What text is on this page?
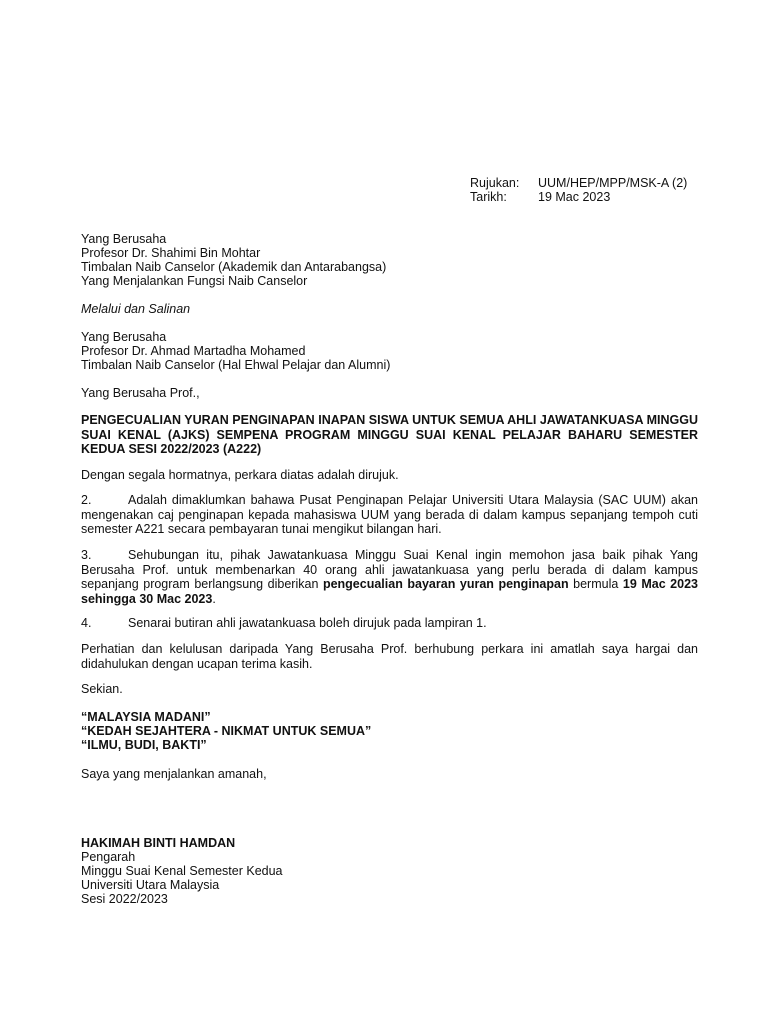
Rujukan: UUM/HEP/MPP/MSK-A (2)
Tarikh: 19 Mac 2023
Yang Berusaha
Profesor Dr. Shahimi Bin Mohtar
Timbalan Naib Canselor (Akademik dan Antarabangsa)
Yang Menjalankan Fungsi Naib Canselor
Melalui dan Salinan
Yang Berusaha
Profesor Dr. Ahmad Martadha Mohamed
Timbalan Naib Canselor (Hal Ehwal Pelajar dan Alumni)
Yang Berusaha Prof.,
PENGECUALIAN YURAN PENGINAPAN INAPAN SISWA UNTUK SEMUA AHLI JAWATANKUASA MINGGU SUAI KENAL (AJKS) SEMPENA PROGRAM MINGGU SUAI KENAL PELAJAR BAHARU SEMESTER KEDUA SESI 2022/2023 (A222)
Dengan segala hormatnya, perkara diatas adalah dirujuk.
2.	Adalah dimaklumkan bahawa Pusat Penginapan Pelajar Universiti Utara Malaysia (SAC UUM) akan mengenakan caj penginapan kepada mahasiswa UUM yang berada di dalam kampus sepanjang tempoh cuti semester A221 secara pembayaran tunai mengikut bilangan hari.
3.	Sehubungan itu, pihak Jawatankuasa Minggu Suai Kenal ingin memohon jasa baik pihak Yang Berusaha Prof. untuk membenarkan 40 orang ahli jawatankuasa yang perlu berada di dalam kampus sepanjang program berlangsung diberikan pengecualian bayaran yuran penginapan bermula 19 Mac 2023 sehingga 30 Mac 2023.
4.	Senarai butiran ahli jawatankuasa boleh dirujuk pada lampiran 1.
Perhatian dan kelulusan daripada Yang Berusaha Prof. berhubung perkara ini amatlah saya hargai dan didahulukan dengan ucapan terima kasih.
Sekian.
“MALAYSIA MADANI”
“KEDAH SEJAHTERA - NIKMAT UNTUK SEMUA”
“ILMU, BUDI, BAKTI”
Saya yang menjalankan amanah,
HAKIMAH BINTI HAMDAN
Pengarah
Minggu Suai Kenal Semester Kedua
Universiti Utara Malaysia
Sesi 2022/2023
